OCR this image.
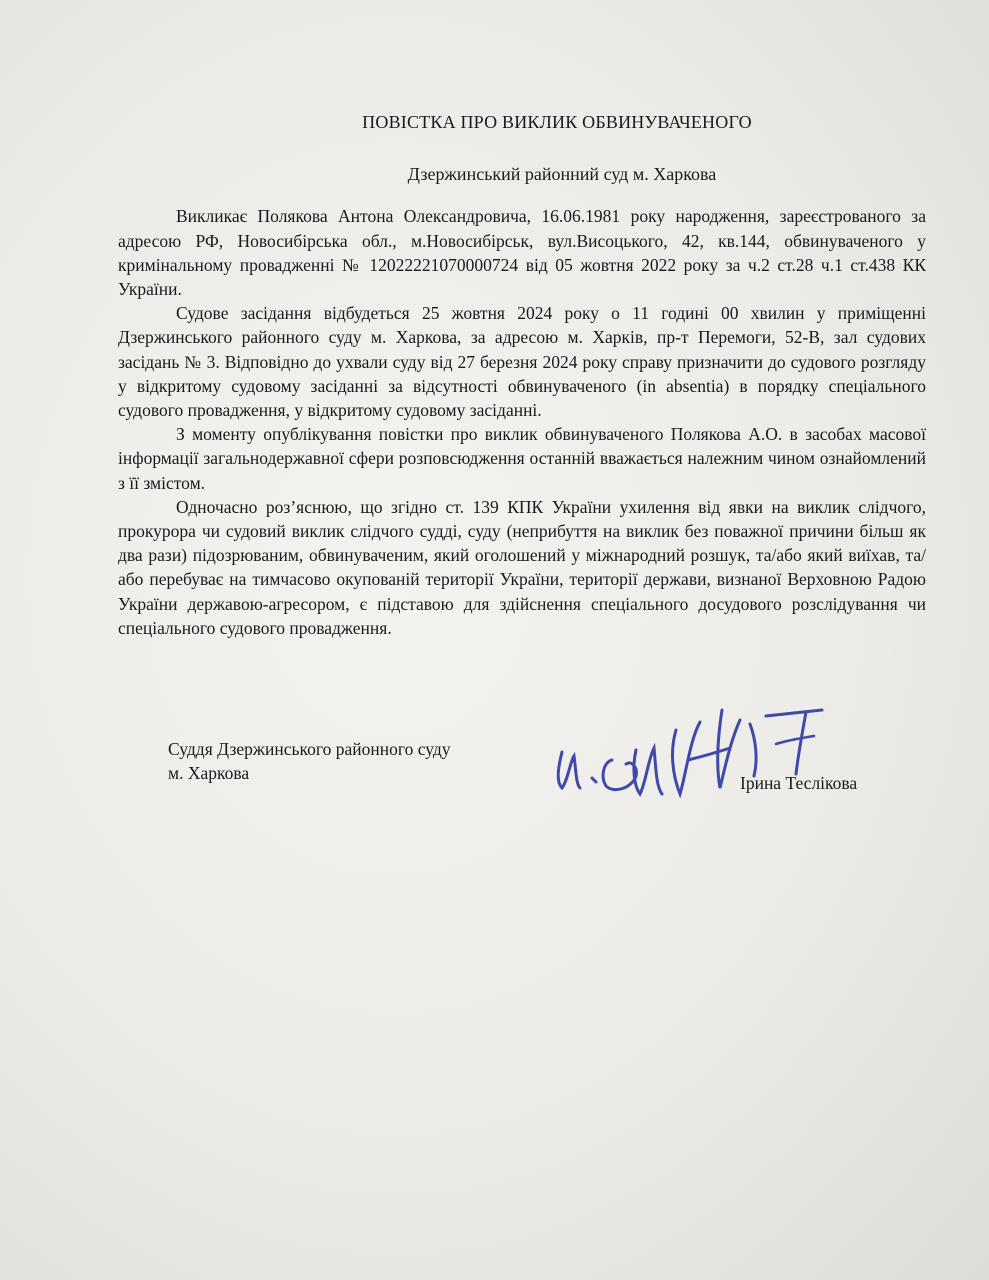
ПОВІСТКА ПРО ВИКЛИК ОБВИНУВАЧЕНОГО

Дзержинський районний суд м. Харкова

Викликає Полякова Антона Олександровича, 16.06.1981 року народження, зареєстрованого за адресою РФ, Новосибірська обл., м.Новосибірськ, вул.Висоцького, 42, кв.144, обвинуваченого у кримінальному провадженні № 12022221070000724 від 05 жовтня 2022 року за ч.2 ст.28 ч.1 ст.438 КК України.

Судове засідання відбудеться 25 жовтня 2024 року о 11 годині 00 хвилин у приміщенні Дзержинського районного суду м. Харкова, за адресою м. Харків, пр-т Перемоги, 52-В, зал судових засідань № 3. Відповідно до ухвали суду від 27 березня 2024 року справу призначити до судового розгляду у відкритому судовому засіданні за відсутності обвинуваченого (in absentia) в порядку спеціального судового провадження, у відкритому судовому засіданні.

З моменту опублікування повістки про виклик обвинуваченого Полякова А.О. в засобах масової інформації загальнодержавної сфери розповсюдження останній вважається належним чином ознайомлений з її змістом.

Одночасно роз’яснюю, що згідно ст. 139 КПК України ухилення від явки на виклик слідчого, прокурора чи судовий виклик слідчого судді, суду (неприбуття на виклик без поважної причини більш як два рази) підозрюваним, обвинуваченим, який оголошений у міжнародний розшук, та/або який виїхав, та/або перебуває на тимчасово окупованій території України, території держави, визнаної Верховною Радою України державою-агресором, є підставою для здійснення спеціального досудового розслідування чи спеціального судового провадження.

Суддя Дзержинського районного суду
м. Харкова	Ірина Теслікова
